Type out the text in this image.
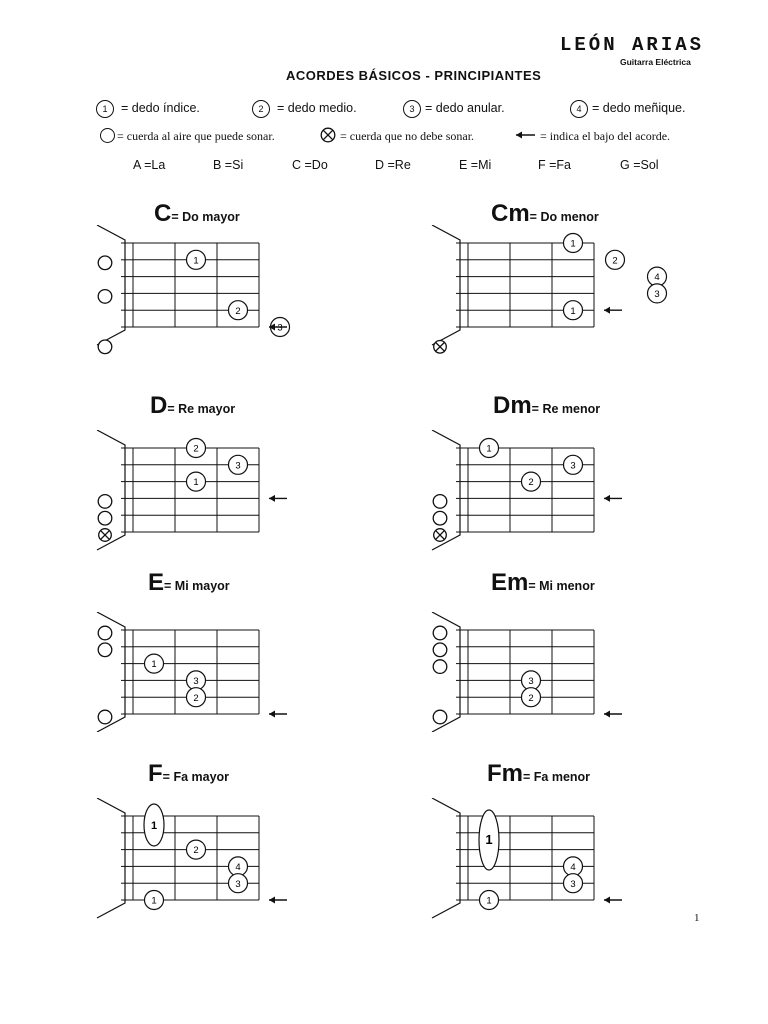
LEÓN ARIAS
Guitarra Eléctrica
ACORDES BÁSICOS - PRINCIPIANTES
1	= dedo índice.	2	= dedo medio.	3 = dedo anular.	4 = dedo meñique.
= cuerda al aire que puede sonar.	= cuerda que no debe sonar.	= indica el bajo del acorde.
A =La	B =Si	C =Do	D =Re	E =Mi	F =Fa	G =Sol
C= Do mayor	Cm= Do menor
D= Re mayor	Dm= Re menor
E= Mi mayor	Em= Mi menor
F= Fa mayor	Fm= Fa menor
1
2
3
1
2
4
3
1
2
3
1
1
3
2
1
3
2
3
2
1
2
4
3
1
1
4
3
1
1
